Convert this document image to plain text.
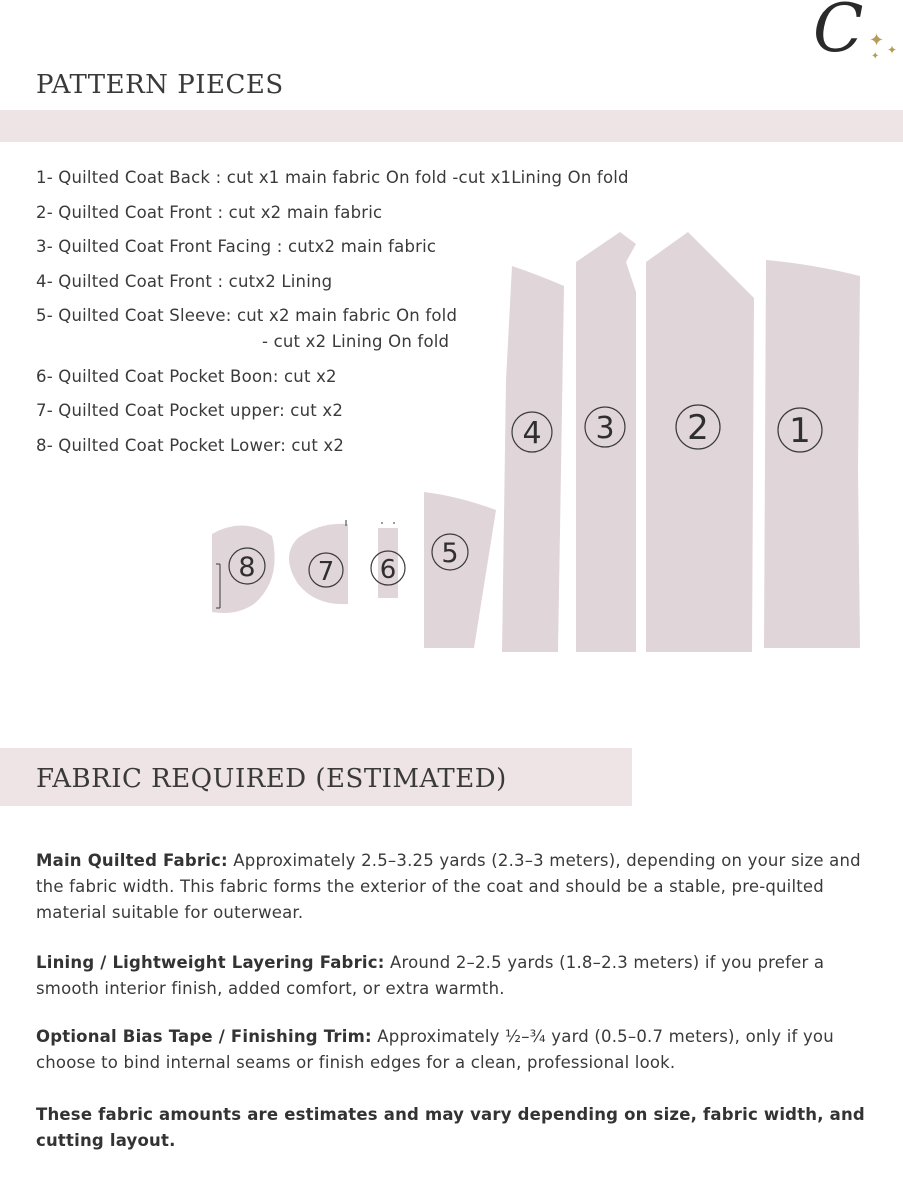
C ✦ ✦
✦
PATTERN PIECES
1- Quilted Coat Back : cut x1 main fabric On fold -cut x1Lining On fold
2- Quilted Coat Front : cut x2 main fabric
3- Quilted Coat Front Facing : cutx2 main fabric
4- Quilted Coat Front : cutx2 Lining
5- Quilted Coat Sleeve: cut x2 main fabric On fold
- cut x2 Lining On fold
6- Quilted Coat Pocket Boon: cut x2
7- Quilted Coat Pocket upper: cut x2
8- Quilted Coat Pocket Lower: cut x2	1
2
3
4
5
6
7
8
FABRIC REQUIRED (ESTIMATED)

Main Quilted Fabric: Approximately 2.5–3.25 yards (2.3–3 meters), depending on your size and the fabric width. This fabric forms the exterior of the coat and should be a stable, pre-quilted material suitable for outerwear.

Lining / Lightweight Layering Fabric: Around 2–2.5 yards (1.8–2.3 meters) if you prefer a smooth interior finish, added comfort, or extra warmth.

Optional Bias Tape / Finishing Trim: Approximately ½–¾ yard (0.5–0.7 meters), only if you choose to bind internal seams or finish edges for a clean, professional look.

These fabric amounts are estimates and may vary depending on size, fabric width, and cutting layout.
